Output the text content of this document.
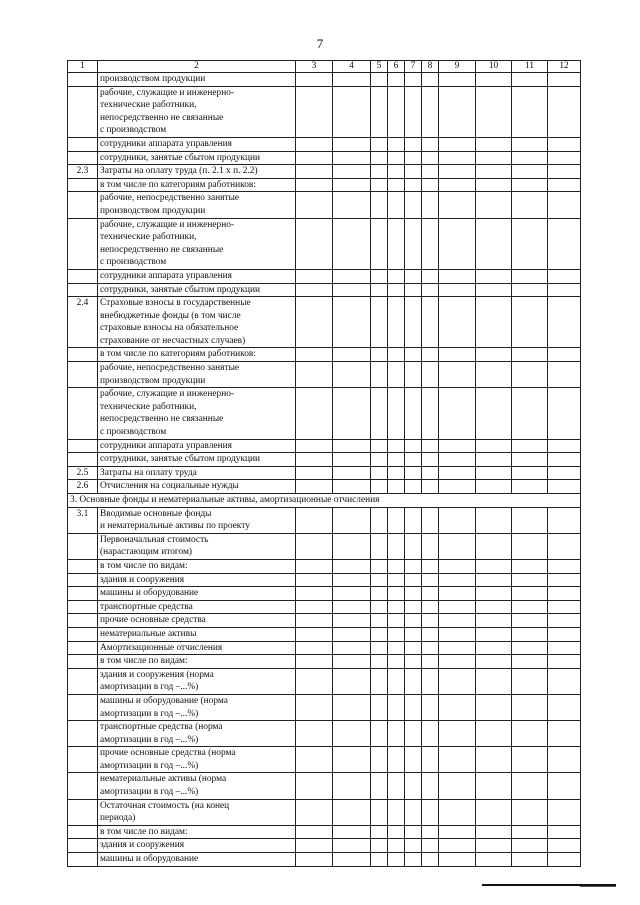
7
1	2	3	4	5	6	7	8	9	10	11	12
	производством продукции										
	рабочие, служащие и инженерно-
технические работники,
непосредственно не связанные
с производством										
	сотрудники аппарата управления										
	сотрудники, занятые сбытом продукции										
2.3	Затраты на оплату труда (п. 2.1 х п. 2.2)										
	в том числе по категориям работников:										
	рабочие, непосредственно занятые
производством продукции										
	рабочие, служащие и инженерно-
технические работники,
непосредственно не связанные
с производством										
	сотрудники аппарата управления										
	сотрудники, занятые сбытом продукции										
2.4	Страховые взносы в государственные
внебюджетные фонды (в том числе
страховые взносы на обязательное
страхование от несчастных случаев)										
	в том числе по категориям работников:										
	рабочие, непосредственно занятые
производством продукции										
	рабочие, служащие и инженерно-
технические работники,
непосредственно не связанные
с производством										
	сотрудники аппарата управления										
	сотрудники, занятые сбытом продукции										
2.5	Затраты на оплату труда										
2.6	Отчисления на социальные нужды										
3. Основные фонды и нематериальные активы, амортизационные отчисления											
3.1	Вводимые основные фонды
и нематериальные активы по проекту										
	Первоначальная стоимость
(нарастающим итогом)										
	в том числе по видам:										
	здания и сооружения										
	машины и оборудование										
	транспортные средства										
	прочие основные средства										
	нематериальные активы										
	Амортизационные отчисления										
	в том числе по видам:										
	здания и сооружения (норма
амортизации в год –...%)										
	машины и оборудование (норма
амортизации в год –...%)										
	транспортные средства (норма
амортизации в год –...%)										
	прочие основные средства (норма
амортизации в год –...%)										
	нематериальные активы (норма
амортизации в год –...%)										
	Остаточная стоимость (на конец
периода)										
	в том числе по видам:										
	здания и сооружения										
	машины и оборудование										
